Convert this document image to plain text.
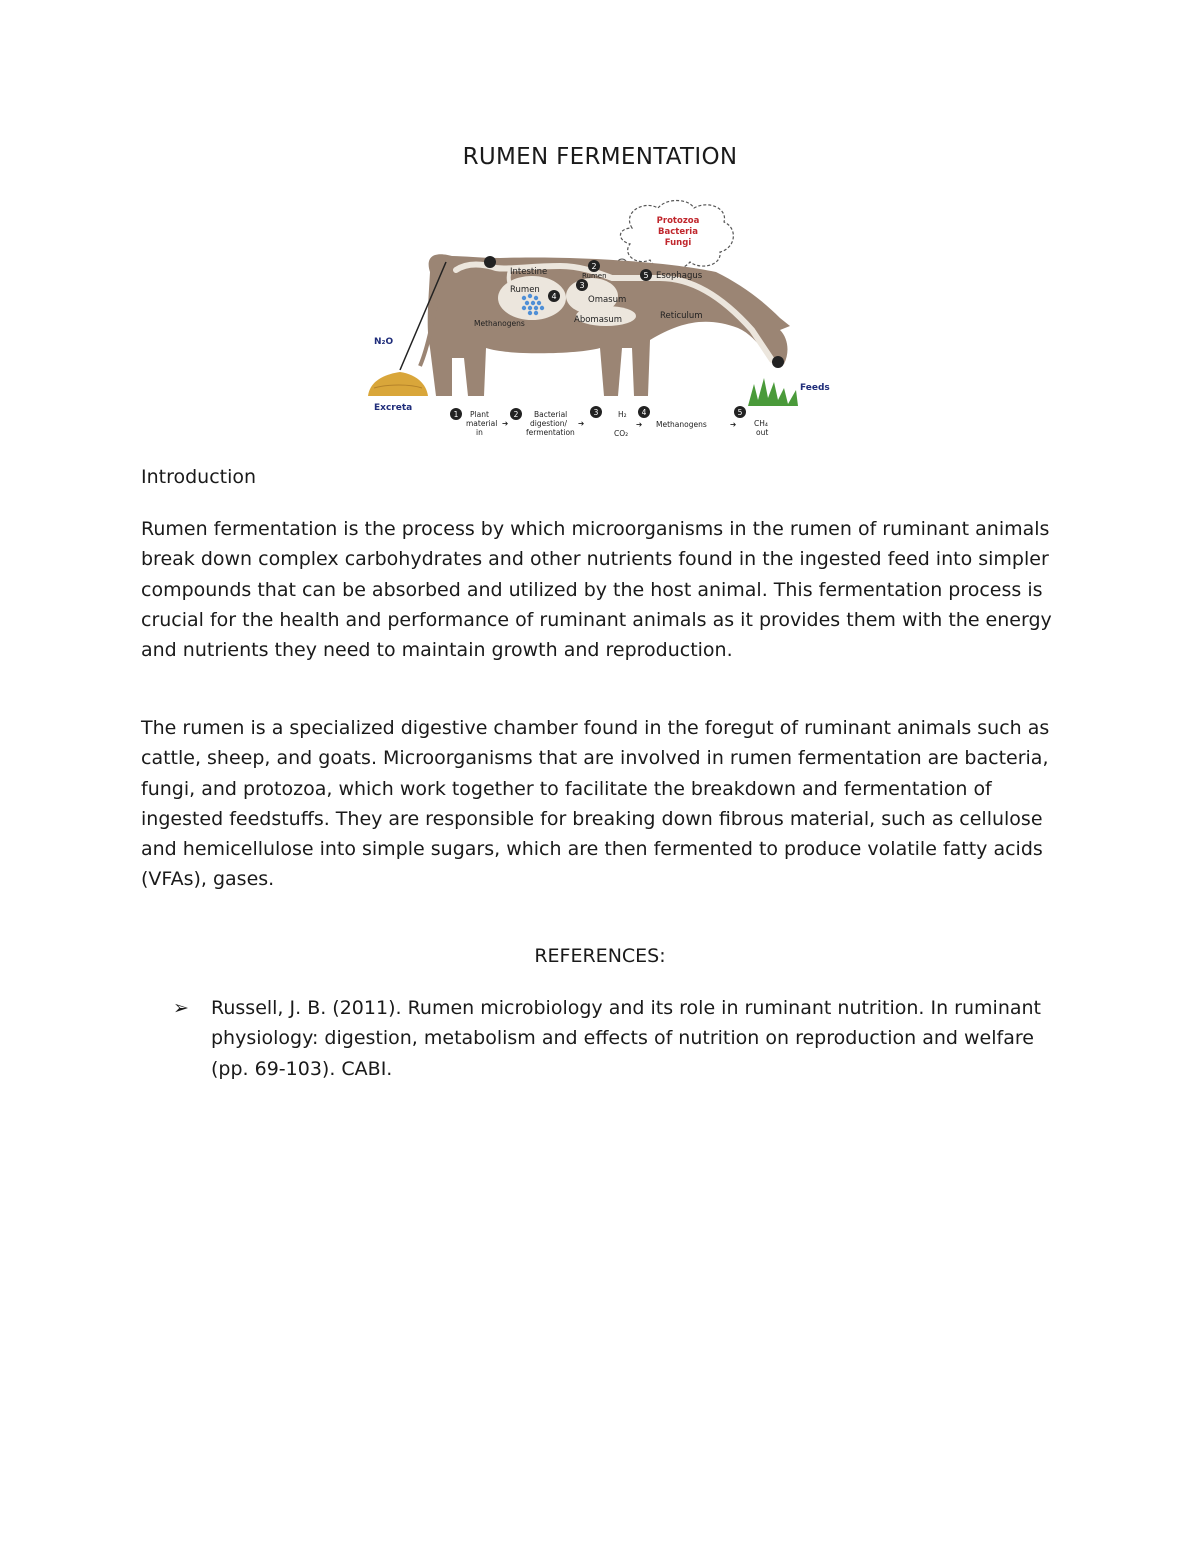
RUMEN FERMENTATION
Protozoa
Bacteria
Fungi
2
3
4
5
Intestine
Rumen
Rumen
Omasum
Abomasum
Esophagus
Reticulum
Methanogens
N₂O
Excreta
Feeds
1 Plant
material
in
➔
2 Bacterial
digestion/
fermentation
➔
3	H₂
CO₂
4
➔ Methanogens	➔
5
CH₄
out
Introduction

Rumen fermentation is the process by which microorganisms in the rumen of ruminant animals break down complex carbohydrates and other nutrients found in the ingested feed into simpler compounds that can be absorbed and utilized by the host animal. This fermentation process is crucial for the health and performance of ruminant animals as it provides them with the energy and nutrients they need to maintain growth and reproduction.

The rumen is a specialized digestive chamber found in the foregut of ruminant animals such as cattle, sheep, and goats. Microorganisms that are involved in rumen fermentation are bacteria, fungi, and protozoa, which work together to facilitate the breakdown and fermentation of ingested feedstuffs. They are responsible for breaking down fibrous material, such as cellulose and hemicellulose into simple sugars, which are then fermented to produce volatile fatty acids (VFAs), gases.

REFERENCES:
➢ Russell, J. B. (2011). Rumen microbiology and its role in ruminant nutrition. In ruminant physiology: digestion, metabolism and effects of nutrition on reproduction and welfare (pp. 69-103). CABI.
